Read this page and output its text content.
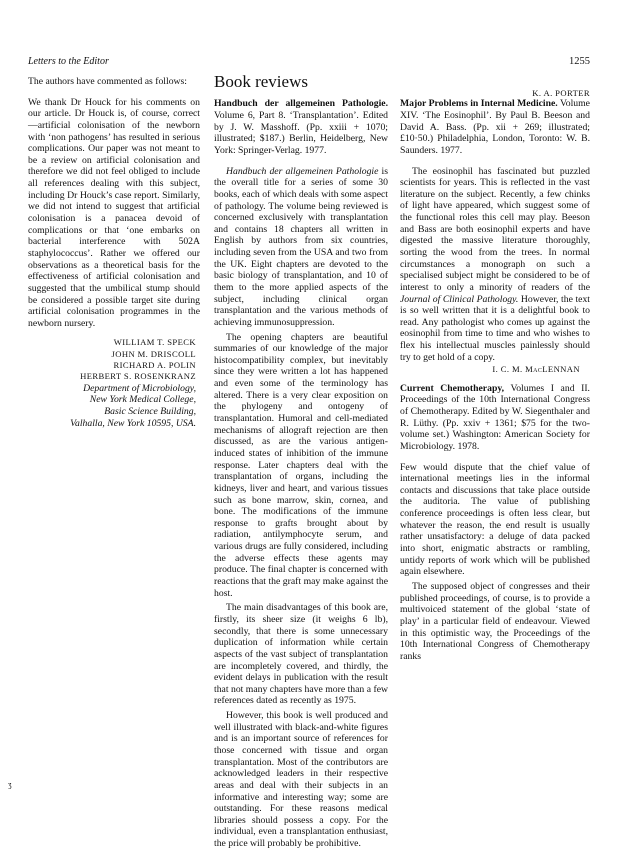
Letters to the Editor	1255

The authors have commented as follows:

We thank Dr Houck for his comments on our article. Dr Houck is, of course, correct—artificial colonisation of the newborn with ‘non pathogens’ has resulted in serious complications. Our paper was not meant to be a review on artificial colonisation and therefore we did not feel obliged to include all references dealing with this subject, including Dr Houck’s case report. Similarly, we did not intend to suggest that artificial colonisation is a panacea devoid of complications or that ‘one embarks on bacterial interference with 502A staphylococcus’. Rather we offered our observations as a theoretical basis for the effectiveness of artificial colonisation and suggested that the umbilical stump should be considered a possible target site during artificial colonisation programmes in the newborn nursery.

WILLIAM T. SPECK

JOHN M. DRISCOLL

RICHARD A. POLIN

HERBERT S. ROSENKRANZ

Department of Microbiology,

New York Medical College,

Basic Science Building,

Valhalla, New York 10595, USA.

Book reviews

Handbuch der allgemeinen Pathologie. Volume 6, Part 8. ‘Transplantation’. Edited by J. W. Masshoff. (Pp. xxiii + 1070; illustrated; $187.) Berlin, Heidelberg, New York: Springer-Verlag. 1977.

Handbuch der allgemeinen Pathologie is the overall title for a series of some 30 books, each of which deals with some aspect of pathology. The volume being reviewed is concerned exclusively with transplantation and contains 18 chapters all written in English by authors from six countries, including seven from the USA and two from the UK. Eight chapters are devoted to the basic biology of transplantation, and 10 of them to the more applied aspects of the subject, including clinical organ transplantation and the various methods of achieving immunosuppression.

The opening chapters are beautiful summaries of our knowledge of the major histocompatibility complex, but inevitably since they were written a lot has happened and even some of the terminology has altered. There is a very clear exposition on the phylogeny and ontogeny of transplantation. Humoral and cell-mediated mechanisms of allograft rejection are then discussed, as are the various antigen-induced states of inhibition of the immune response. Later chapters deal with the transplantation of organs, including the kidneys, liver and heart, and various tissues such as bone marrow, skin, cornea, and bone. The modifications of the immune response to grafts brought about by radiation, antilymphocyte serum, and various drugs are fully considered, including the adverse effects these agents may produce. The final chapter is concerned with reactions that the graft may make against the host.

The main disadvantages of this book are, firstly, its sheer size (it weighs 6 lb), secondly, that there is some unnecessary duplication of information while certain aspects of the vast subject of transplantation are incompletely covered, and thirdly, the evident delays in publication with the result that not many chapters have more than a few references dated as recently as 1975.

However, this book is well produced and well illustrated with black-and-white figures and is an important source of references for those concerned with tissue and organ transplantation. Most of the contributors are acknowledged leaders in their respective areas and deal with their subjects in an informative and interesting way; some are outstanding. For these reasons medical libraries should possess a copy. For the individual, even a transplantation enthusiast, the price will probably be prohibitive.

K. A. PORTER

Major Problems in Internal Medicine. Volume XIV. ‘The Eosinophil’. By Paul B. Beeson and David A. Bass. (Pp. xii + 269; illustrated; £10·50.) Philadelphia, London, Toronto: W. B. Saunders. 1977.

The eosinophil has fascinated but puzzled scientists for years. This is reflected in the vast literature on the subject. Recently, a few chinks of light have appeared, which suggest some of the functional roles this cell may play. Beeson and Bass are both eosinophil experts and have digested the massive literature thoroughly, sorting the wood from the trees. In normal circumstances a monograph on such a specialised subject might be considered to be of interest to only a minority of readers of the Journal of Clinical Pathology. However, the text is so well written that it is a delightful book to read. Any pathologist who comes up against the eosinophil from time to time and who wishes to flex his intellectual muscles painlessly should try to get hold of a copy.

I. C. M. MacLENNAN

Current Chemotherapy, Volumes I and II. Proceedings of the 10th International Congress of Chemotherapy. Edited by W. Siegenthaler and R. Lüthy. (Pp. xxiv + 1361; $75 for the two-volume set.) Washington: American Society for Microbiology. 1978.

Few would dispute that the chief value of international meetings lies in the informal contacts and discussions that take place outside the auditoria. The value of publishing conference proceedings is often less clear, but whatever the reason, the end result is usually rather unsatisfactory: a deluge of data packed into short, enigmatic abstracts or rambling, untidy reports of work which will be published again elsewhere.

The supposed object of congresses and their published proceedings, of course, is to provide a multivoiced statement of the global ‘state of play’ in a particular field of endeavour. Viewed in this optimistic way, the Proceedings of the 10th International Congress of Chemotherapy ranks

ʒ
